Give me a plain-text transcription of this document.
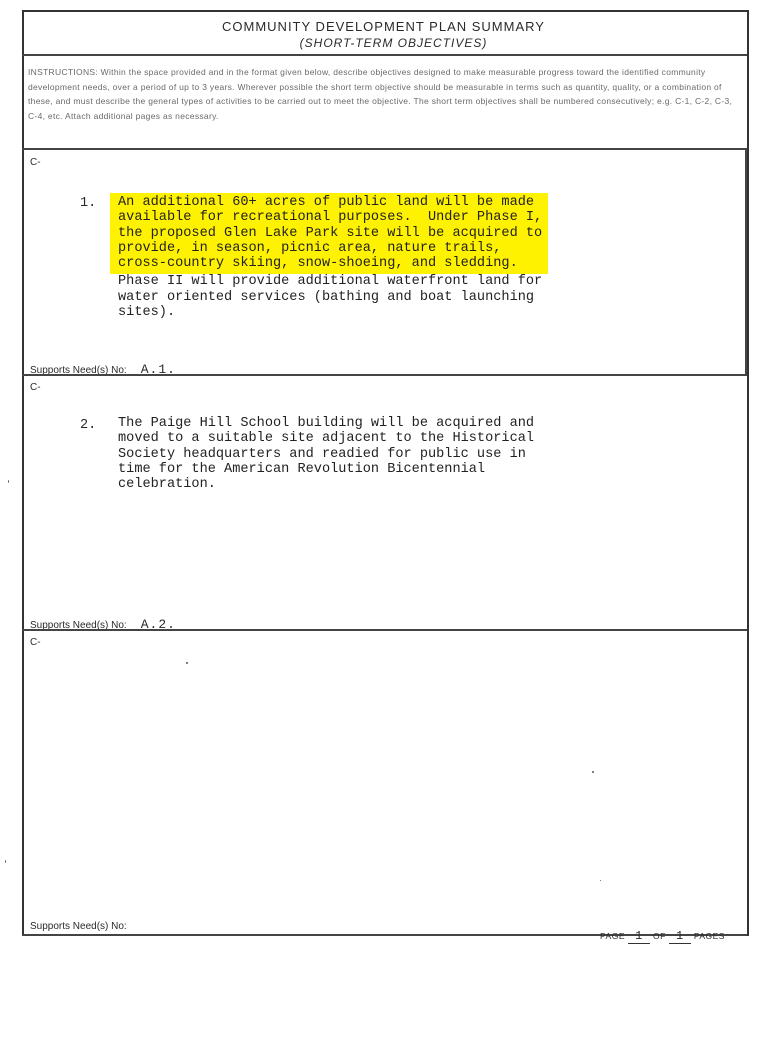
COMMUNITY DEVELOPMENT PLAN SUMMARY
(SHORT-TERM OBJECTIVES)
INSTRUCTIONS: Within the space provided and in the format given below, describe objectives designed to make measurable progress toward the identified community development needs, over a period of up to 3 years. Wherever possible the short term objective should be measurable in terms such as quantity, quality, or a combination of these, and must describe the general types of activities to be carried out to meet the objective. The short term objectives shall be numbered consecutively; e.g. C-1, C-2, C-3, C-4, etc. Attach additional pages as necessary.
C-
1. An additional 60+ acres of public land will be made
available for recreational purposes.  Under Phase I,
the proposed Glen Lake Park site will be acquired to
provide, in season, picnic area, nature trails,
cross-country skiing, snow-shoeing, and sledding.
Phase II will provide additional waterfront land for
water oriented services (bathing and boat launching
sites).
Supports Need(s) No: A.1.
C-
2. The Paige Hill School building will be acquired and
moved to a suitable site adjacent to the Historical
Society headquarters and readied for public use in
time for the American Revolution Bicentennial
celebration.
Supports Need(s) No: A.2.
C-
Supports Need(s) No:
PAGE 1 OF 1 PAGES
